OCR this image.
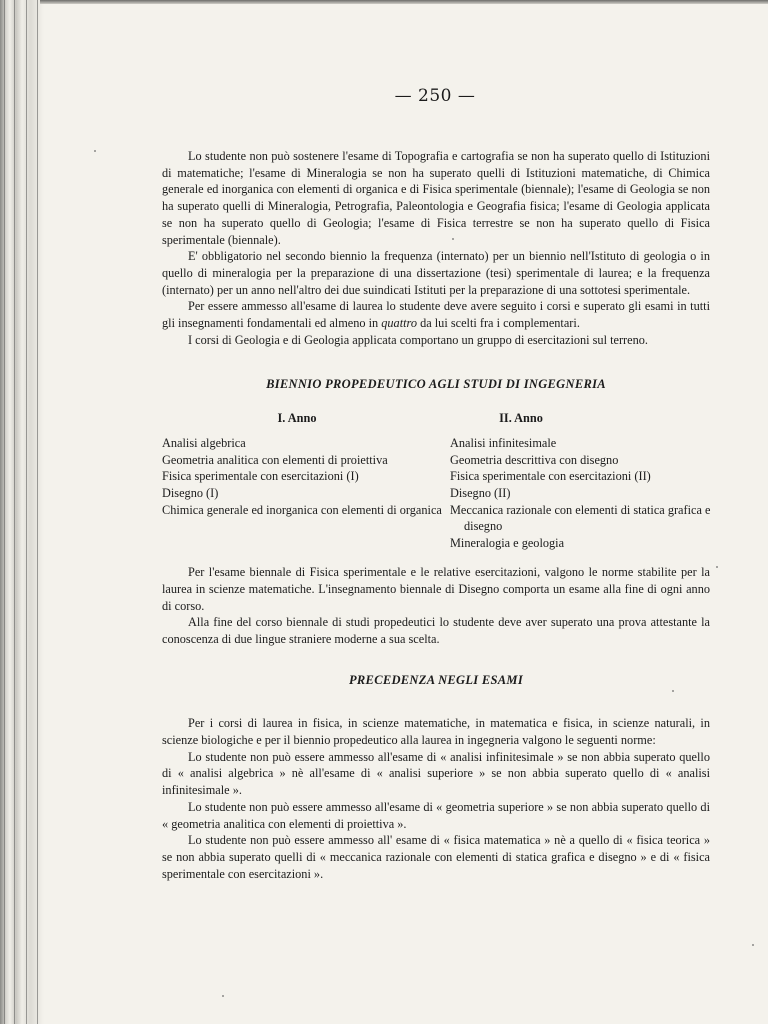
— 250 —

Lo studente non può sostenere l'esame di Topografia e cartografia se non ha superato quello di Istituzioni di matematiche; l'esame di Mineralogia se non ha superato quelli di Istituzioni matematiche, di Chimica generale ed inorganica con elementi di organica e di Fisica sperimentale (biennale); l'esame di Geologia se non ha superato quelli di Mineralogia, Petrografia, Paleontologia e Geografia fisica; l'esame di Geologia applicata se non ha superato quello di Geologia; l'esame di Fisica terrestre se non ha superato quello di Fisica sperimentale (biennale).

E' obbligatorio nel secondo biennio la frequenza (internato) per un biennio nell'Istituto di geologia o in quello di mineralogia per la preparazione di una dissertazione (tesi) sperimentale di laurea; e la frequenza (internato) per un anno nell'altro dei due suindicati Istituti per la preparazione di una sottotesi sperimentale.

Per essere ammesso all'esame di laurea lo studente deve avere seguito i corsi e superato gli esami in tutti gli insegnamenti fondamentali ed almeno in quattro da lui scelti fra i complementari.

I corsi di Geologia e di Geologia applicata comportano un gruppo di esercitazioni sul terreno.

BIENNIO PROPEDEUTICO AGLI STUDI DI INGEGNERIA
I. Anno
Analisi algebrica
Geometria analitica con elementi di proiettiva
Fisica sperimentale con esercitazioni (I)
Disegno (I)
Chimica generale ed inorganica con elementi di organica
II. Anno
Analisi infinitesimale
Geometria descrittiva con disegno
Fisica sperimentale con esercitazioni (II)
Disegno (II)
Meccanica razionale con elementi di statica grafica e disegno
Mineralogia e geologia

Per l'esame biennale di Fisica sperimentale e le relative esercitazioni, valgono le norme stabilite per la laurea in scienze matematiche. L'insegnamento biennale di Disegno comporta un esame alla fine di ogni anno di corso.

Alla fine del corso biennale di studi propedeutici lo studente deve aver superato una prova attestante la conoscenza di due lingue straniere moderne a sua scelta.

PRECEDENZA NEGLI ESAMI

Per i corsi di laurea in fisica, in scienze matematiche, in matematica e fisica, in scienze naturali, in scienze biologiche e per il biennio propedeutico alla laurea in ingegneria valgono le seguenti norme:

Lo studente non può essere ammesso all'esame di « analisi infinitesimale » se non abbia superato quello di « analisi algebrica » nè all'esame di « analisi superiore » se non abbia superato quello di « analisi infinitesimale ».

Lo studente non può essere ammesso all'esame di « geometria superiore » se non abbia superato quello di « geometria analitica con elementi di proiettiva ».

Lo studente non può essere ammesso all' esame di « fisica matematica » nè a quello di « fisica teorica » se non abbia superato quelli di « meccanica razionale con elementi di statica grafica e disegno » e di « fisica sperimentale con esercitazioni ».
